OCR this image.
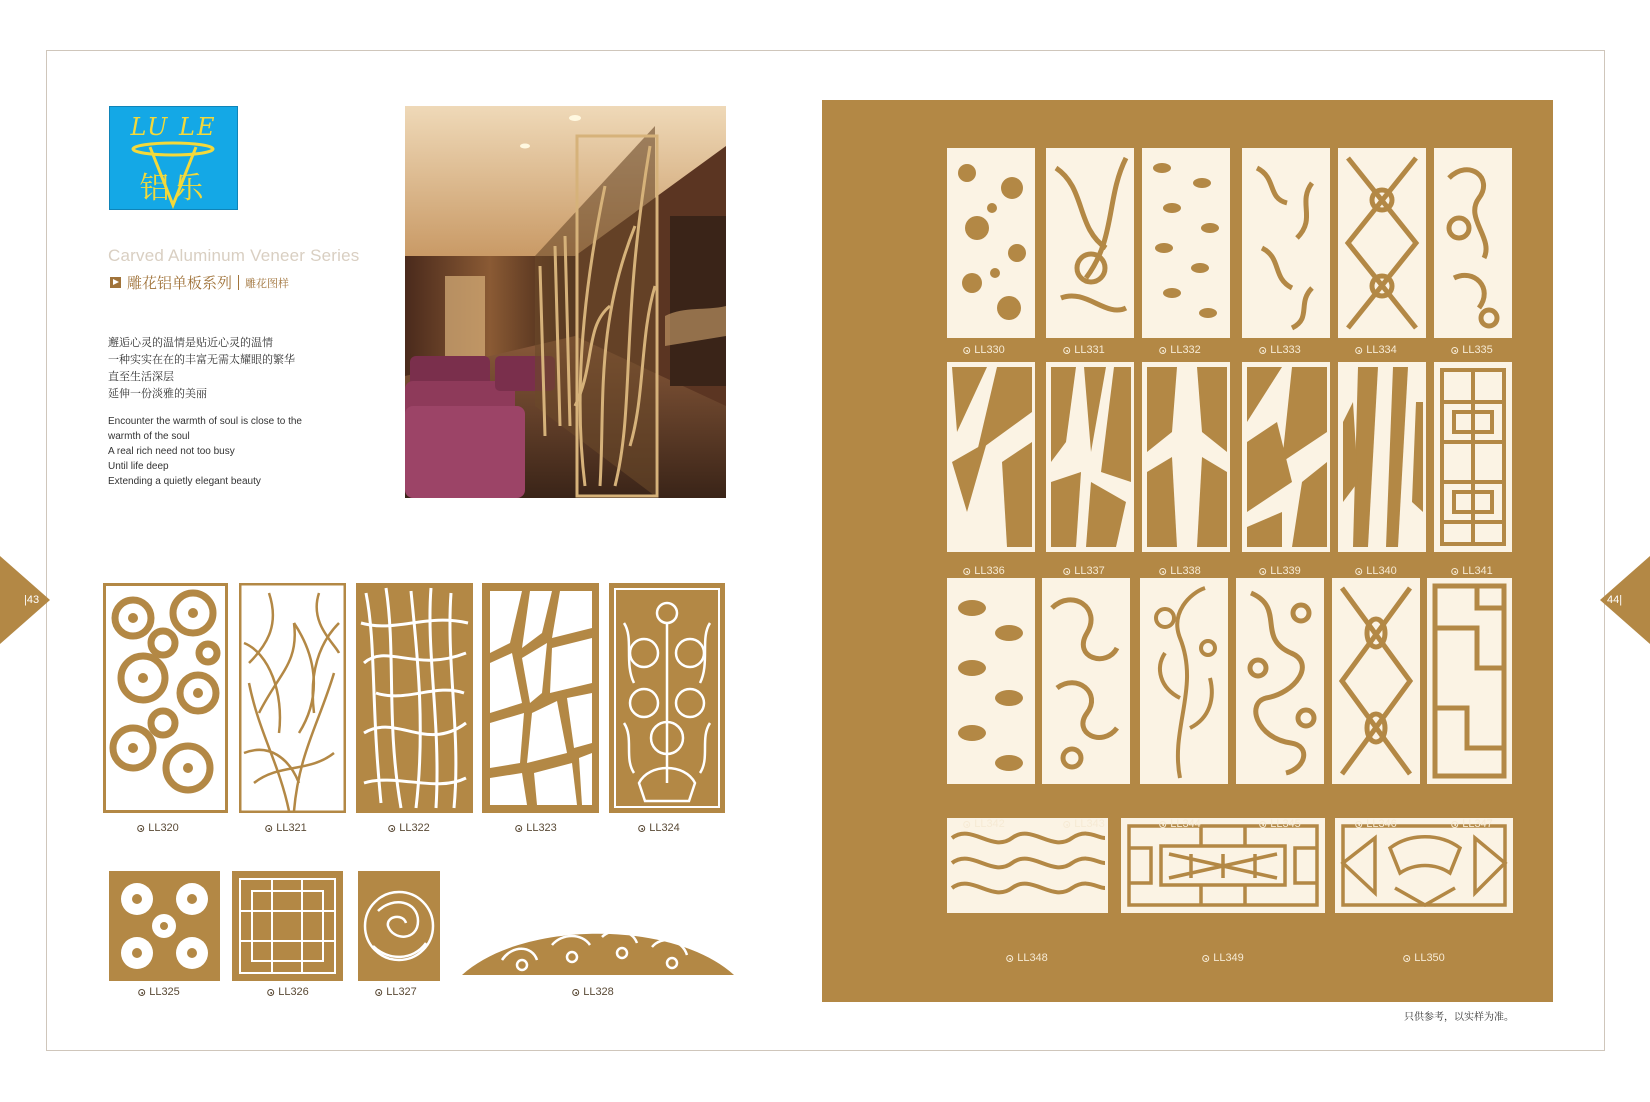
LU LE
铝乐
Carved Aluminum Veneer Series
雕花铝单板系列 雕花图样
邂逅心灵的温情是贴近心灵的温情
一种实实在在的丰富无需太耀眼的繁华
直至生活深层
延伸一份淡雅的美丽
Encounter the warmth of soul is close to the
warmth of the soul
A real rich need not too busy
Until life deep
Extending a quietly elegant beauty
LL320	LL321	LL322	LL323	LL324
LL325	LL326	LL327	LL328
LL330	LL331	LL332	LL333	LL334	LL335
LL336	LL337	LL338	LL339	LL340	LL341
LL342	LL343	LL344	LL345	LL346	LL347
LL348	LL349	LL350
|43	44|
只供参考，以实样为准。
